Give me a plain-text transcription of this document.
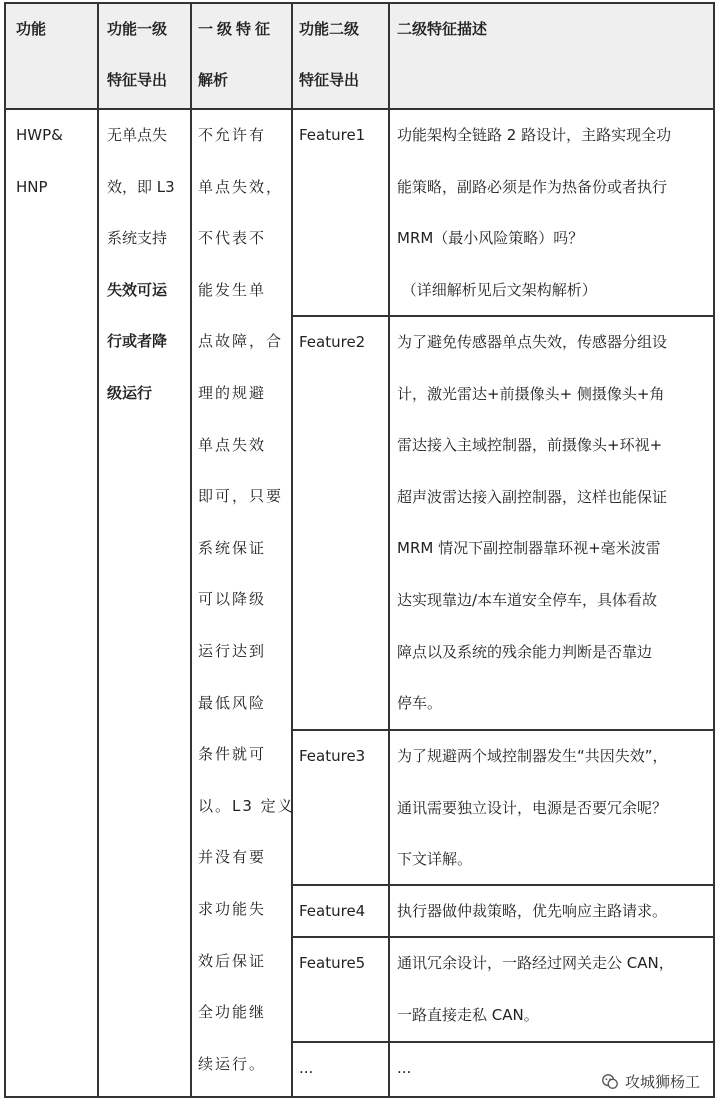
功能	功能一级
特征导出
一级特征
解析
功能二级
特征导出
二级特征描述
HWP&
HNP
无单点失
效，即 L3
系统支持
失效可运
行或者降
级运行
不允许有
单点失效，
不代表不
能发生单
点故障，合
理的规避
单点失效
即可，只要
系统保证
可以降级
运行达到
最低风险
条件就可
以。L3 定义
并没有要
求功能失
效后保证
全功能继
续运行。
Feature1 功能架构全链路 2 路设计，主路实现全功
能策略，副路必须是作为热备份或者执行
MRM（最小风险策略）吗？
（详细解析见后文架构解析）
Feature2 为了避免传感器单点失效，传感器分组设
计，激光雷达+前摄像头+ 侧摄像头+角
雷达接入主域控制器，前摄像头+环视+
超声波雷达接入副控制器，这样也能保证
MRM 情况下副控制器靠环视+毫米波雷
达实现靠边/本车道安全停车，具体看故
障点以及系统的残余能力判断是否靠边
停车。
Feature3 为了规避两个域控制器发生“共因失效”，
通讯需要独立设计，电源是否要冗余呢？
下文详解。
Feature4 执行器做仲裁策略，优先响应主路请求。
Feature5 通讯冗余设计，一路经过网关走公 CAN，
一路直接走私 CAN。
...	...
攻城狮杨工
